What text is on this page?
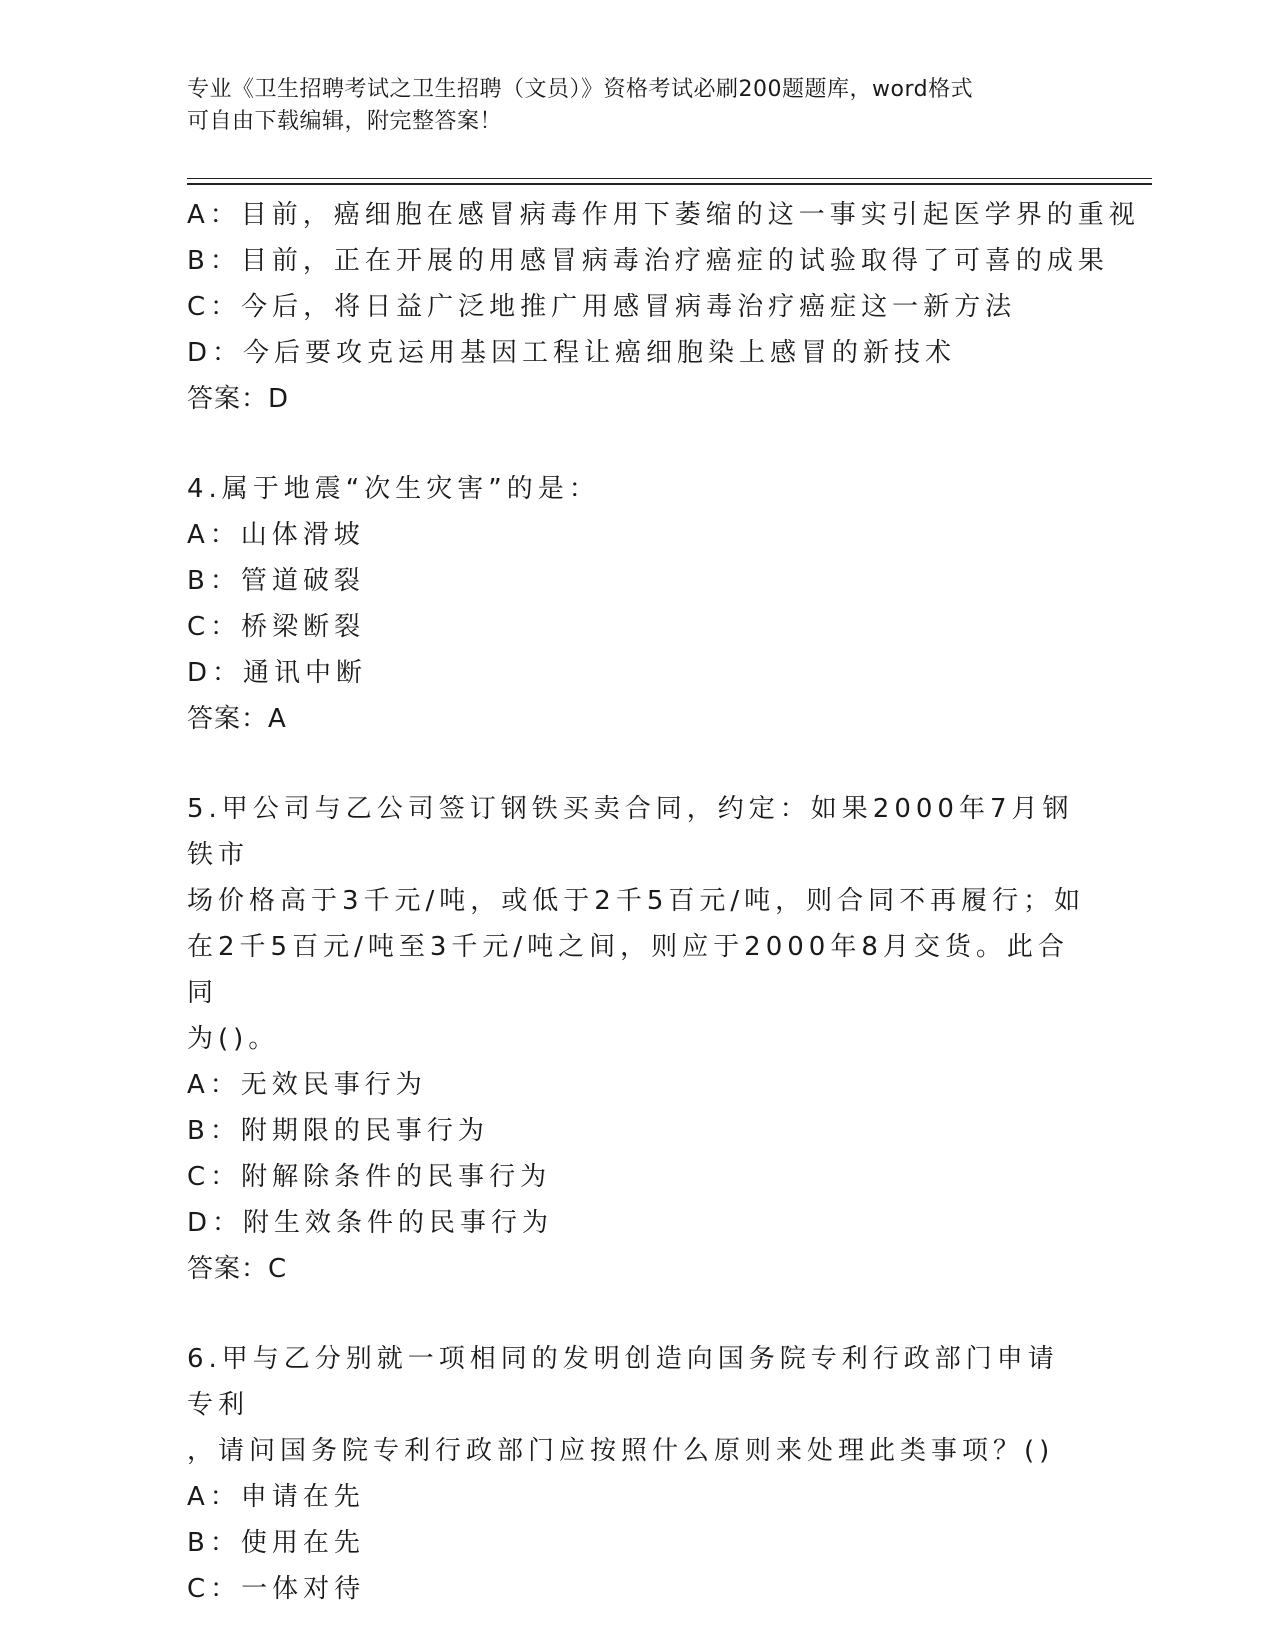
专业《卫生招聘考试之卫生招聘（文员）》资格考试必刷200题题库，word格式
可自由下载编辑，附完整答案！
A：目前，癌细胞在感冒病毒作用下萎缩的这一事实引起医学界的重视
B：目前，正在开展的用感冒病毒治疗癌症的试验取得了可喜的成果
C：今后，将日益广泛地推广用感冒病毒治疗癌症这一新方法
D：今后要攻克运用基因工程让癌细胞染上感冒的新技术
答案：D
4.属于地震“次生灾害”的是：
A：山体滑坡
B：管道破裂
C：桥梁断裂
D：通讯中断
答案：A
5.甲公司与乙公司签订钢铁买卖合同，约定：如果2000年7月钢铁市
场价格高于3千元/吨，或低于2千5百元/吨，则合同不再履行；如
在2千5百元/吨至3千元/吨之间，则应于2000年8月交货。此合同
为()。
A：无效民事行为
B：附期限的民事行为
C：附解除条件的民事行为
D：附生效条件的民事行为
答案：C
6.甲与乙分别就一项相同的发明创造向国务院专利行政部门申请专利
，请问国务院专利行政部门应按照什么原则来处理此类事项？()
A：申请在先
B：使用在先
C：一体对待
